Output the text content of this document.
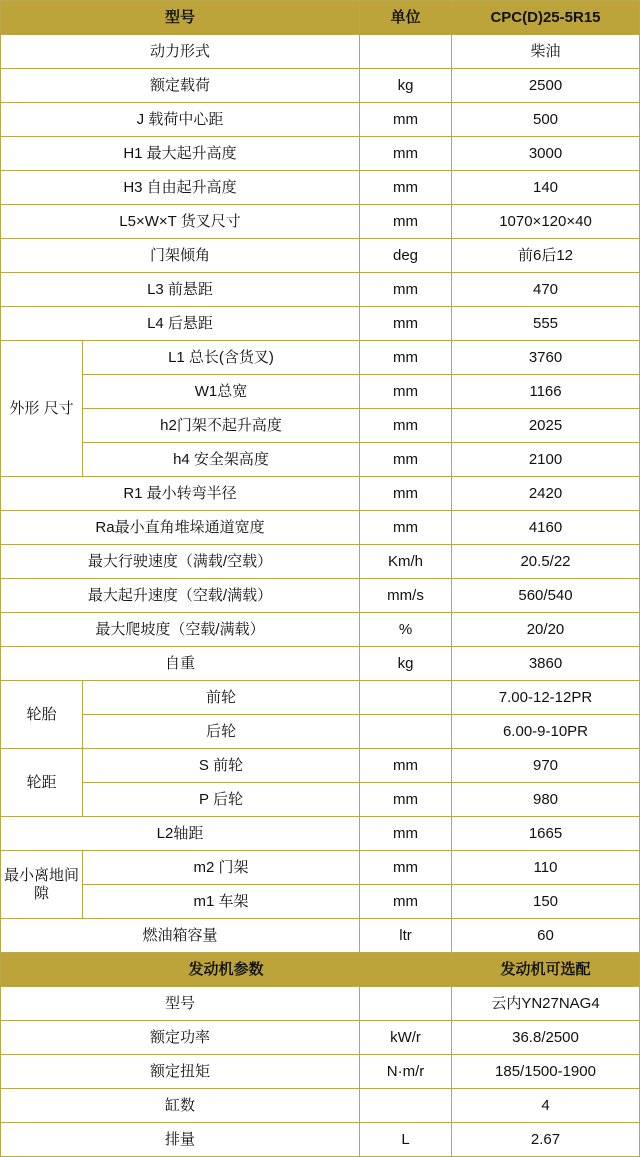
型号		单位	CPC(D)25-5R15
动力形式			柴油
额定载荷		kg	2500
J 载荷中心距		mm	500
H1 最大起升高度		mm	3000
H3 自由起升高度		mm	140
L5×W×T 货叉尺寸		mm	1070×120×40
门架倾角		deg	前6后12
L3 前悬距		mm	470
L4 后悬距		mm	555
外形 尺寸	L1 总长(含货叉)	mm	3760
	W1总宽	mm	1166
	h2门架不起升高度	mm	2025
	h4 安全架高度	mm	2100
R1 最小转弯半径		mm	2420
Ra最小直角堆垛通道宽度		mm	4160
最大行驶速度（满载/空载）		Km/h	20.5/22
最大起升速度（空载/满载）		mm/s	560/540
最大爬坡度（空载/满载）		%	20/20
自重		kg	3860
轮胎	前轮		7.00-12-12PR
	后轮		6.00-9-10PR
轮距	S 前轮	mm	970
	P 后轮	mm	980
L2轴距		mm	1665
最小离地间隙	m2 门架	mm	110
	m1 车架	mm	150
燃油箱容量		ltr	60
发动机参数			发动机可选配
型号			云内YN27NAG4
额定功率		kW/r	36.8/2500
额定扭矩		N·m/r	185/1500-1900
缸数			4
排量		L	2.67
